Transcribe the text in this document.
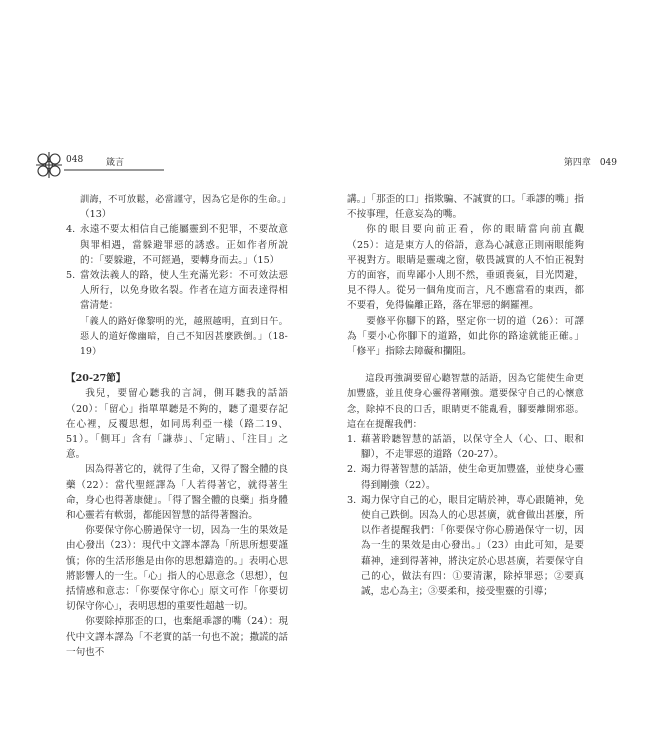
048	箴言

訓誨，不可放鬆，必當謹守，因為它是你的生命。」

（13）

4. 永遠不要太相信自己能屬靈到不犯罪，不要故意與罪相遇，當躲避罪惡的誘惑。正如作者所說的：「要躲避，不可經過，要轉身而去。」（15）

5. 當效法義人的路，使人生充滿光彩：不可效法惡人所行，以免身敗名裂。作者在這方面表達得相當清楚：

「義人的路好像黎明的光，越照越明，直到日午。惡人的道好像幽暗，自己不知因甚麼跌倒。」（18-19）

【20-27節】

我兒，要留心聽我的言詞，側耳聽我的話語（20）：「留心」指單單聽是不夠的，聽了還要存記在心裡，反覆思想，如同馬利亞一樣（路二19、51）。「側耳」含有「謙恭」、「定睛」、「注目」之意。

因為得著它的，就得了生命，又得了醫全體的良藥（22）：當代聖經譯為「人若得著它，就得著生命，身心也得著康健」。「得了醫全體的良藥」指身體和心靈若有軟弱，都能因智慧的話得著醫治。

你要保守你心勝過保守一切，因為一生的果效是由心發出（23）：現代中文譯本譯為「所思所想要謹慎；你的生活形態是由你的思想鑄造的。」表明心思將影響人的一生。「心」指人的心思意念（思想），包括情感和意志：「你要保守你心」原文可作「你要切切保守你心」，表明思想的重要性超越一切。

你要除掉那歪的口，也棄絕乖謬的嘴（24）：現代中文譯本譯為「不老實的話一句也不說；撒謊的話一句也不

第四章 049

講。」「那歪的口」指欺騙、不誠實的口。「乖謬的嘴」指不按事理，任意妄為的嘴。

你的眼目要向前正看，你的眼睛當向前直觀（25）：這是東方人的俗語，意為心誠意正則兩眼能夠平視對方。眼睛是靈魂之窗，敬畏誠實的人不怕正視對方的面容，而卑鄙小人則不然，垂頭喪氣，目光閃避，見不得人。從另一個角度而言，凡不應當看的東西，都不要看，免得偏離正路，落在罪惡的網羅裡。

要修平你腳下的路，堅定你一切的道（26）：可譯為「要小心你腳下的道路，如此你的路途就能正確。」「修平」指除去障礙和攔阻。

這段再強調要留心聽智慧的話語，因為它能使生命更加豐盛，並且使身心靈得著剛強。還要保守自己的心懷意念，除掉不良的口舌，眼睛更不能亂看，腳要離開邪惡。這在在提醒我們：

1. 藉著聆聽智慧的話語，以保守全人（心、口、眼和腳），不走罪惡的道路（20-27）。

2. 竭力得著智慧的話語，使生命更加豐盛，並使身心靈得到剛強（22）。

3. 竭力保守自己的心，眼目定睛於神，專心跟隨神，免使自己跌倒。因為人的心思甚廣，就會做出甚麼，所以作者提醒我們：「你要保守你心勝過保守一切，因為一生的果效是由心發出。」（23）由此可知，是要藉神，達到得著神，將決定於心思甚廣，若要保守自己的心，做法有四：①要清潔，除掉罪惡；②要真誠，忠心為主；③要柔和，接受聖靈的引導；
